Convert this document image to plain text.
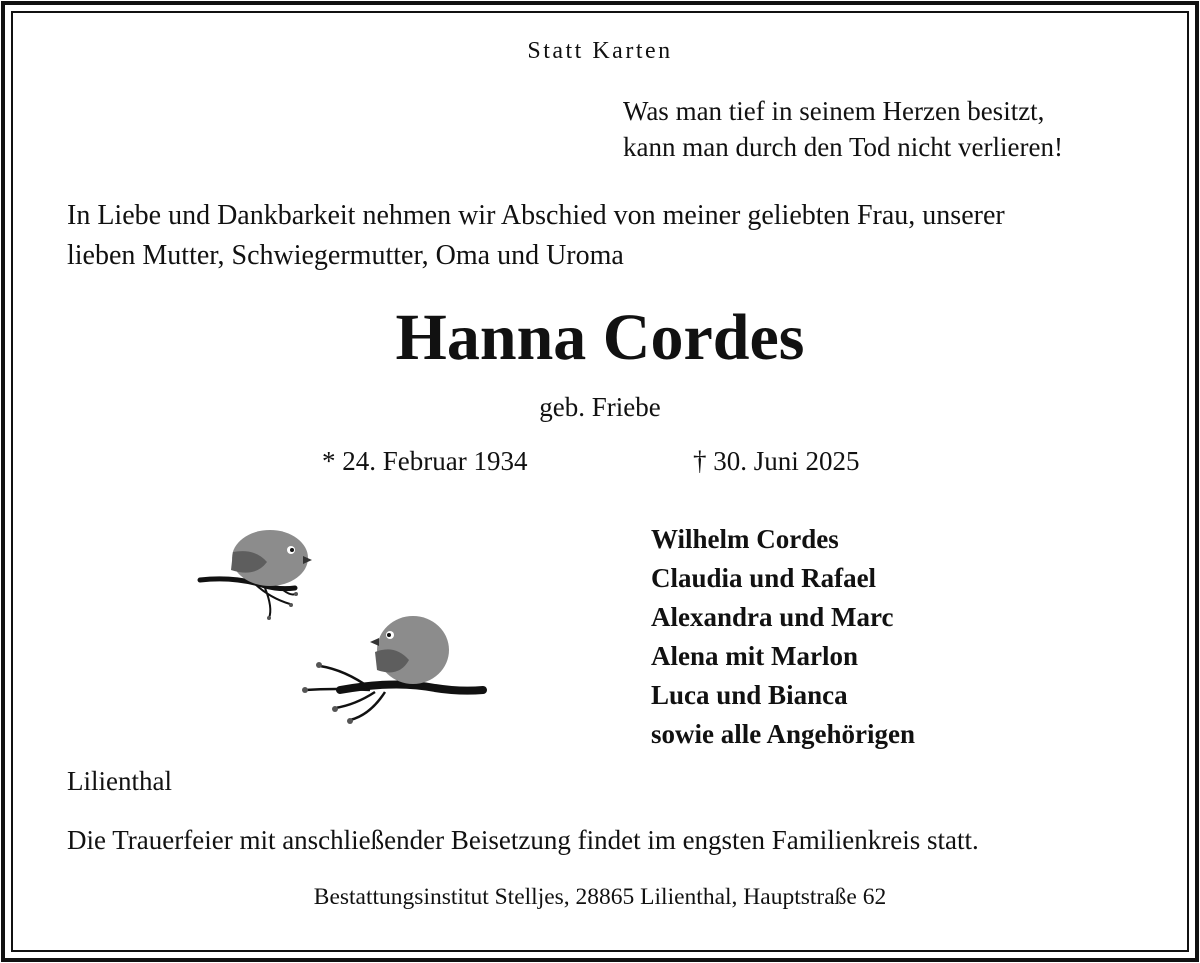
Statt Karten
Was man tief in seinem Herzen besitzt,
kann man durch den Tod nicht verlieren!
In Liebe und Dankbarkeit nehmen wir Abschied von meiner geliebten Frau, unserer
lieben Mutter, Schwiegermutter, Oma und Uroma
Hanna Cordes
geb. Friebe
* 24. Februar 1934	† 30. Juni 2025
Wilhelm Cordes
Claudia und Rafael
Alexandra und Marc
Alena mit Marlon
Luca und Bianca
sowie alle Angehörigen
Lilienthal
Die Trauerfeier mit anschließender Beisetzung findet im engsten Familienkreis statt.
Bestattungsinstitut Stelljes, 28865 Lilienthal, Hauptstraße 62
